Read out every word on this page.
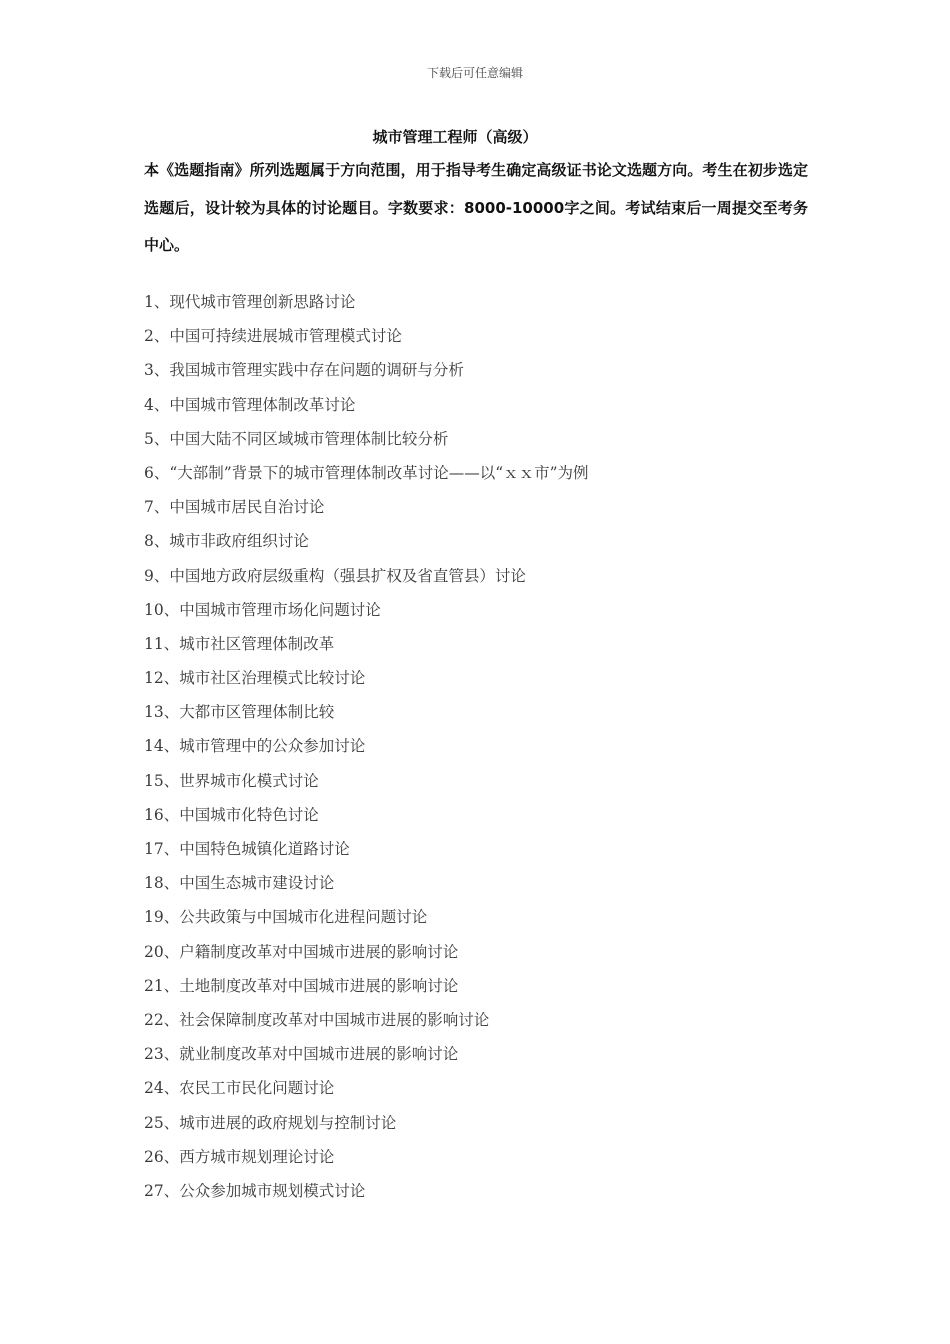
下载后可任意编辑
城市管理工程师（高级）
本《选题指南》所列选题属于方向范围，用于指导考生确定高级证书论文选题方向。考生在初步选定选题后，设计较为具体的讨论题目。字数要求：8000-10000字之间。考试结束后一周提交至考务中心。
1、现代城市管理创新思路讨论
2、中国可持续进展城市管理模式讨论
3、我国城市管理实践中存在问题的调研与分析
4、中国城市管理体制改革讨论
5、中国大陆不同区域城市管理体制比较分析
6、“大部制”背景下的城市管理体制改革讨论——以“ｘｘ市”为例
7、中国城市居民自治讨论
8、城市非政府组织讨论
9、中国地方政府层级重构（强县扩权及省直管县）讨论
10、中国城市管理市场化问题讨论
11、城市社区管理体制改革
12、城市社区治理模式比较讨论
13、大都市区管理体制比较
14、城市管理中的公众参加讨论
15、世界城市化模式讨论
16、中国城市化特色讨论
17、中国特色城镇化道路讨论
18、中国生态城市建设讨论
19、公共政策与中国城市化进程问题讨论
20、户籍制度改革对中国城市进展的影响讨论
21、土地制度改革对中国城市进展的影响讨论
22、社会保障制度改革对中国城市进展的影响讨论
23、就业制度改革对中国城市进展的影响讨论
24、农民工市民化问题讨论
25、城市进展的政府规划与控制讨论
26、西方城市规划理论讨论
27、公众参加城市规划模式讨论
